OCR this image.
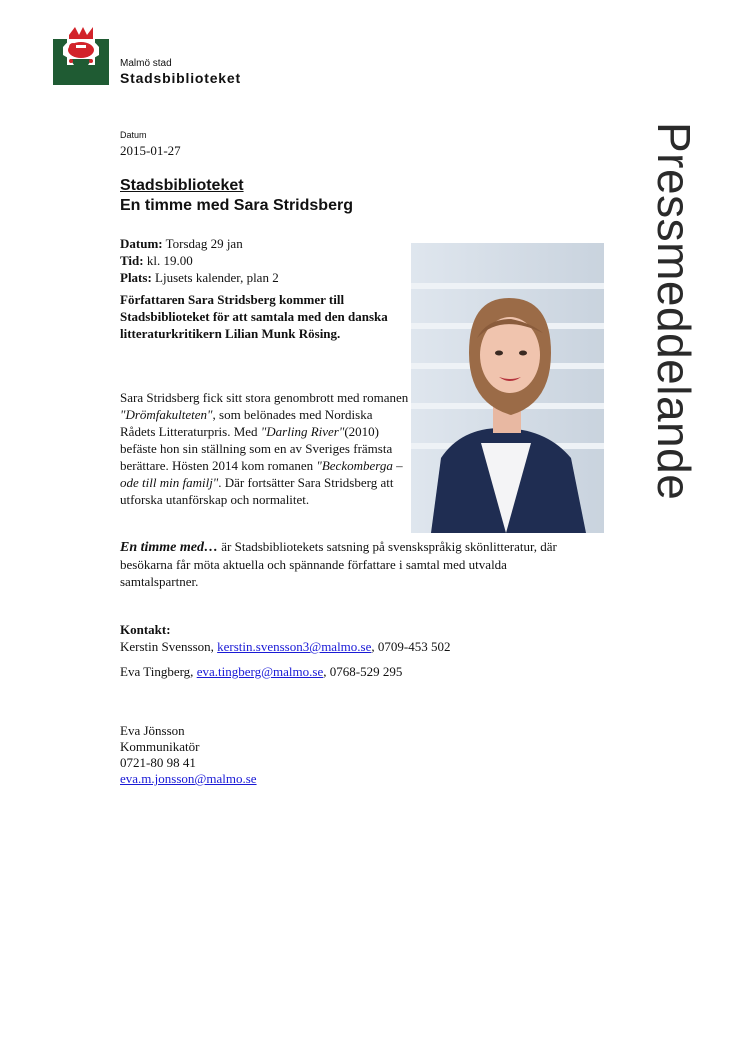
Malmö stad
Stadsbiblioteket
Datum
2015-01-27
Stadsbiblioteket
En timme med Sara Stridsberg
Datum: Torsdag 29 jan
Tid: kl. 19.00
Plats: Ljusets kalender, plan 2
Författaren Sara Stridsberg kommer till Stadsbiblioteket för att samtala med den danska litteraturkritikern Lilian Munk Rösing.
Sara Stridsberg fick sitt stora genombrott med romanen "Drömfakulteten", som belönades med Nordiska Rådets Litteraturpris. Med "Darling River"(2010) befäste hon sin ställning som en av Sveriges främsta berättare. Hösten 2014 kom romanen "Beckomberga – ode till min familj". Där fortsätter Sara Stridsberg att utforska utanförskap och normalitet.
En timme med… är Stadsbibliotekets satsning på svenskspråkig skönlitteratur, där besökarna får möta aktuella och spännande författare i samtal med utvalda samtalspartner.
Kontakt:
Kerstin Svensson, kerstin.svensson3@malmo.se, 0709-453 502
Eva Tingberg, eva.tingberg@malmo.se, 0768-529 295
Eva Jönsson
Kommunikatör
0721-80 98 41
eva.m.jonsson@malmo.se
Pressmeddelande
